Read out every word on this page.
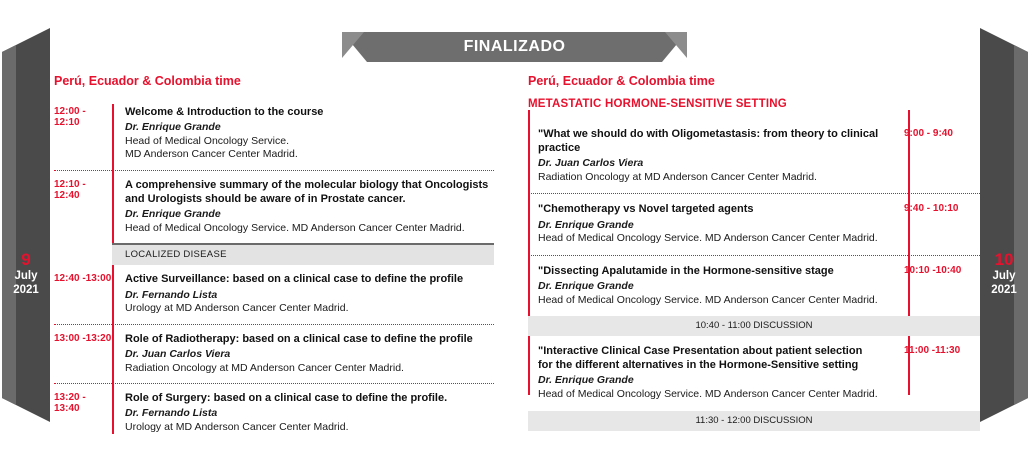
FINALIZADO
9
July
2021
10
July
2021
Perú, Ecuador & Colombia time
12:00 - 12:10
Welcome & Introduction to the course
Dr. Enrique Grande
Head of Medical Oncology Service.
MD Anderson Cancer Center Madrid.
12:10 - 12:40
A comprehensive summary of the molecular biology that Oncologists
and Urologists should be aware of in Prostate cancer.
Dr. Enrique Grande
Head of Medical Oncology Service. MD Anderson Cancer Center Madrid.
LOCALIZED DISEASE
12:40 -13:00 Active Surveillance: based on a clinical case to define the profile
Dr. Fernando Lista
Urology at MD Anderson Cancer Center Madrid.
13:00 -13:20 Role of Radiotherapy: based on a clinical case to define the profile
Dr. Juan Carlos Viera
Radiation Oncology at MD Anderson Cancer Center Madrid.
13:20 - 13:40
Role of Surgery: based on a clinical case to define the profile.
Dr. Fernando Lista
Urology at MD Anderson Cancer Center Madrid.
Perú, Ecuador & Colombia time
METASTATIC HORMONE-SENSITIVE SETTING
"What we should do with Oligometastasis: from theory to clinical practice
Dr. Juan Carlos Viera
Radiation Oncology at MD Anderson Cancer Center Madrid.
9:00 - 9:40
"Chemotherapy vs Novel targeted agents
Dr. Enrique Grande
Head of Medical Oncology Service. MD Anderson Cancer Center Madrid.
9:40 - 10:10
"Dissecting Apalutamide in the Hormone-sensitive stage
Dr. Enrique Grande
Head of Medical Oncology Service. MD Anderson Cancer Center Madrid.
10:10 -10:40
10:40 - 11:00 DISCUSSION
"Interactive Clinical Case Presentation about patient selection
for the different alternatives in the Hormone-Sensitive setting
Dr. Enrique Grande
Head of Medical Oncology Service. MD Anderson Cancer Center Madrid.
11:00 -11:30
11:30 - 12:00 DISCUSSION
